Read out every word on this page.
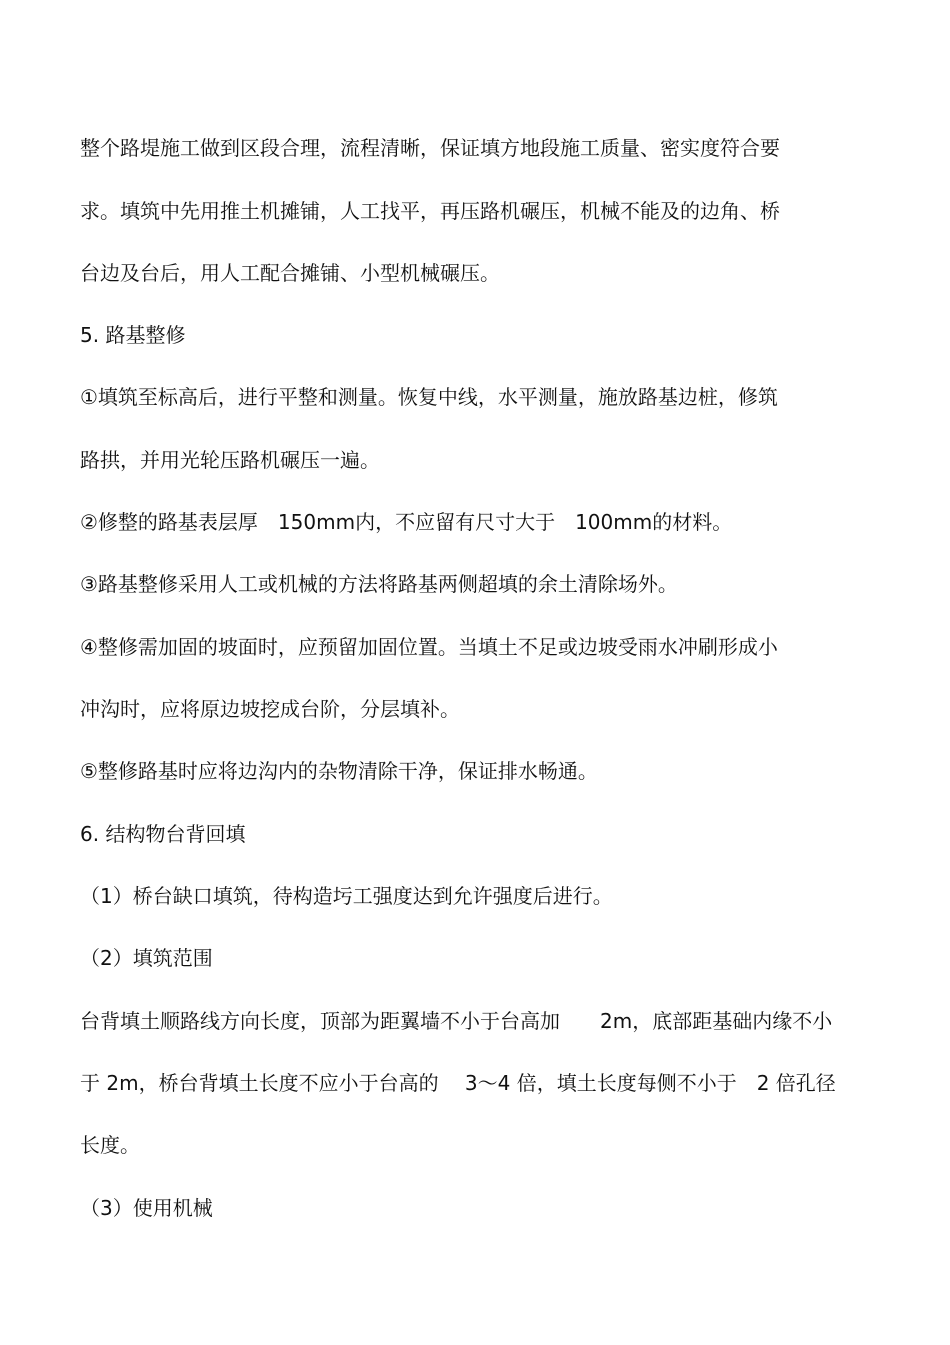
整个路堤施工做到区段合理，流程清晰，保证填方地段施工质量、密实度符合要
求。填筑中先用推土机摊铺，人工找平，再压路机碾压，机械不能及的边角、桥
台边及台后，用人工配合摊铺、小型机械碾压。
5. 路基整修
①填筑至标高后，进行平整和测量。恢复中线，水平测量，施放路基边桩，修筑
路拱，并用光轮压路机碾压一遍。
②修整的路基表层厚　150mm内，不应留有尺寸大于　100mm的材料。
③路基整修采用人工或机械的方法将路基两侧超填的余土清除场外。
④整修需加固的坡面时，应预留加固位置。当填土不足或边坡受雨水冲刷形成小
冲沟时，应将原边坡挖成台阶，分层填补。
⑤整修路基时应将边沟内的杂物清除干净，保证排水畅通。
6. 结构物台背回填
（1）桥台缺口填筑，待构造圬工强度达到允许强度后进行。
（2）填筑范围
台背填土顺路线方向长度，顶部为距翼墙不小于台高加　　2m，底部距基础内缘不小
于 2m，桥台背填土长度不应小于台高的　 3～4 倍，填土长度每侧不小于　2 倍孔径
长度。
（3）使用机械
